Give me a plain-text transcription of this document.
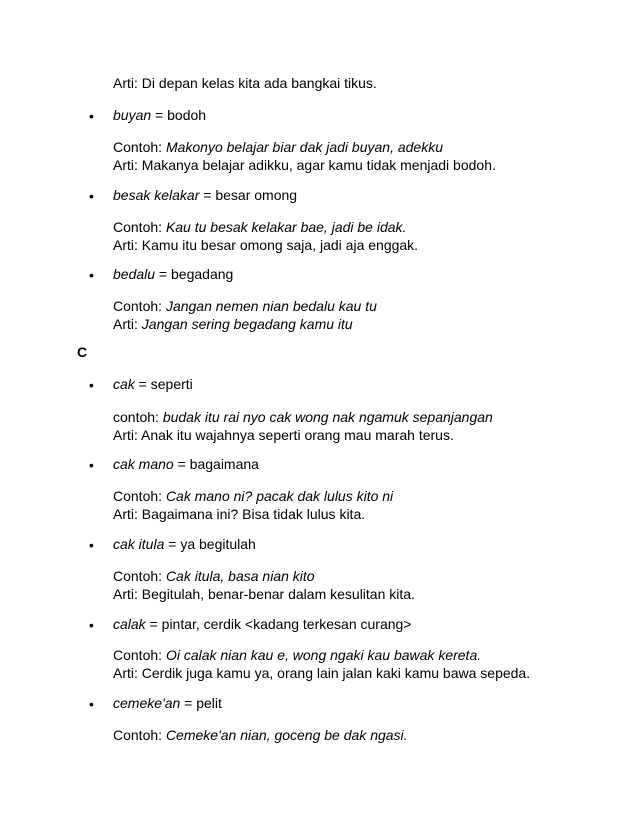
Arti: Di depan kelas kita ada bangkai tikus.
• buyan = bodoh
Contoh: Makonyo belajar biar dak jadi buyan, adekku
Arti: Makanya belajar adikku, agar kamu tidak menjadi bodoh.
• besak kelakar = besar omong
Contoh: Kau tu besak kelakar bae, jadi be idak.
Arti: Kamu itu besar omong saja, jadi aja enggak.
• bedalu = begadang
Contoh: Jangan nemen nian bedalu kau tu
Arti: Jangan sering begadang kamu itu
C
• cak = seperti
contoh: budak itu rai nyo cak wong nak ngamuk sepanjangan
Arti: Anak itu wajahnya seperti orang mau marah terus.
• cak mano = bagaimana
Contoh: Cak mano ni? pacak dak lulus kito ni
Arti: Bagaimana ini? Bisa tidak lulus kita.
• cak itula = ya begitulah
Contoh: Cak itula, basa nian kito
Arti: Begitulah, benar-benar dalam kesulitan kita.
• calak = pintar, cerdik <kadang terkesan curang>
Contoh: Oi calak nian kau e, wong ngaki kau bawak kereta.
Arti: Cerdik juga kamu ya, orang lain jalan kaki kamu bawa sepeda.
• cemeke'an = pelit
Contoh: Cemeke'an nian, goceng be dak ngasi.
